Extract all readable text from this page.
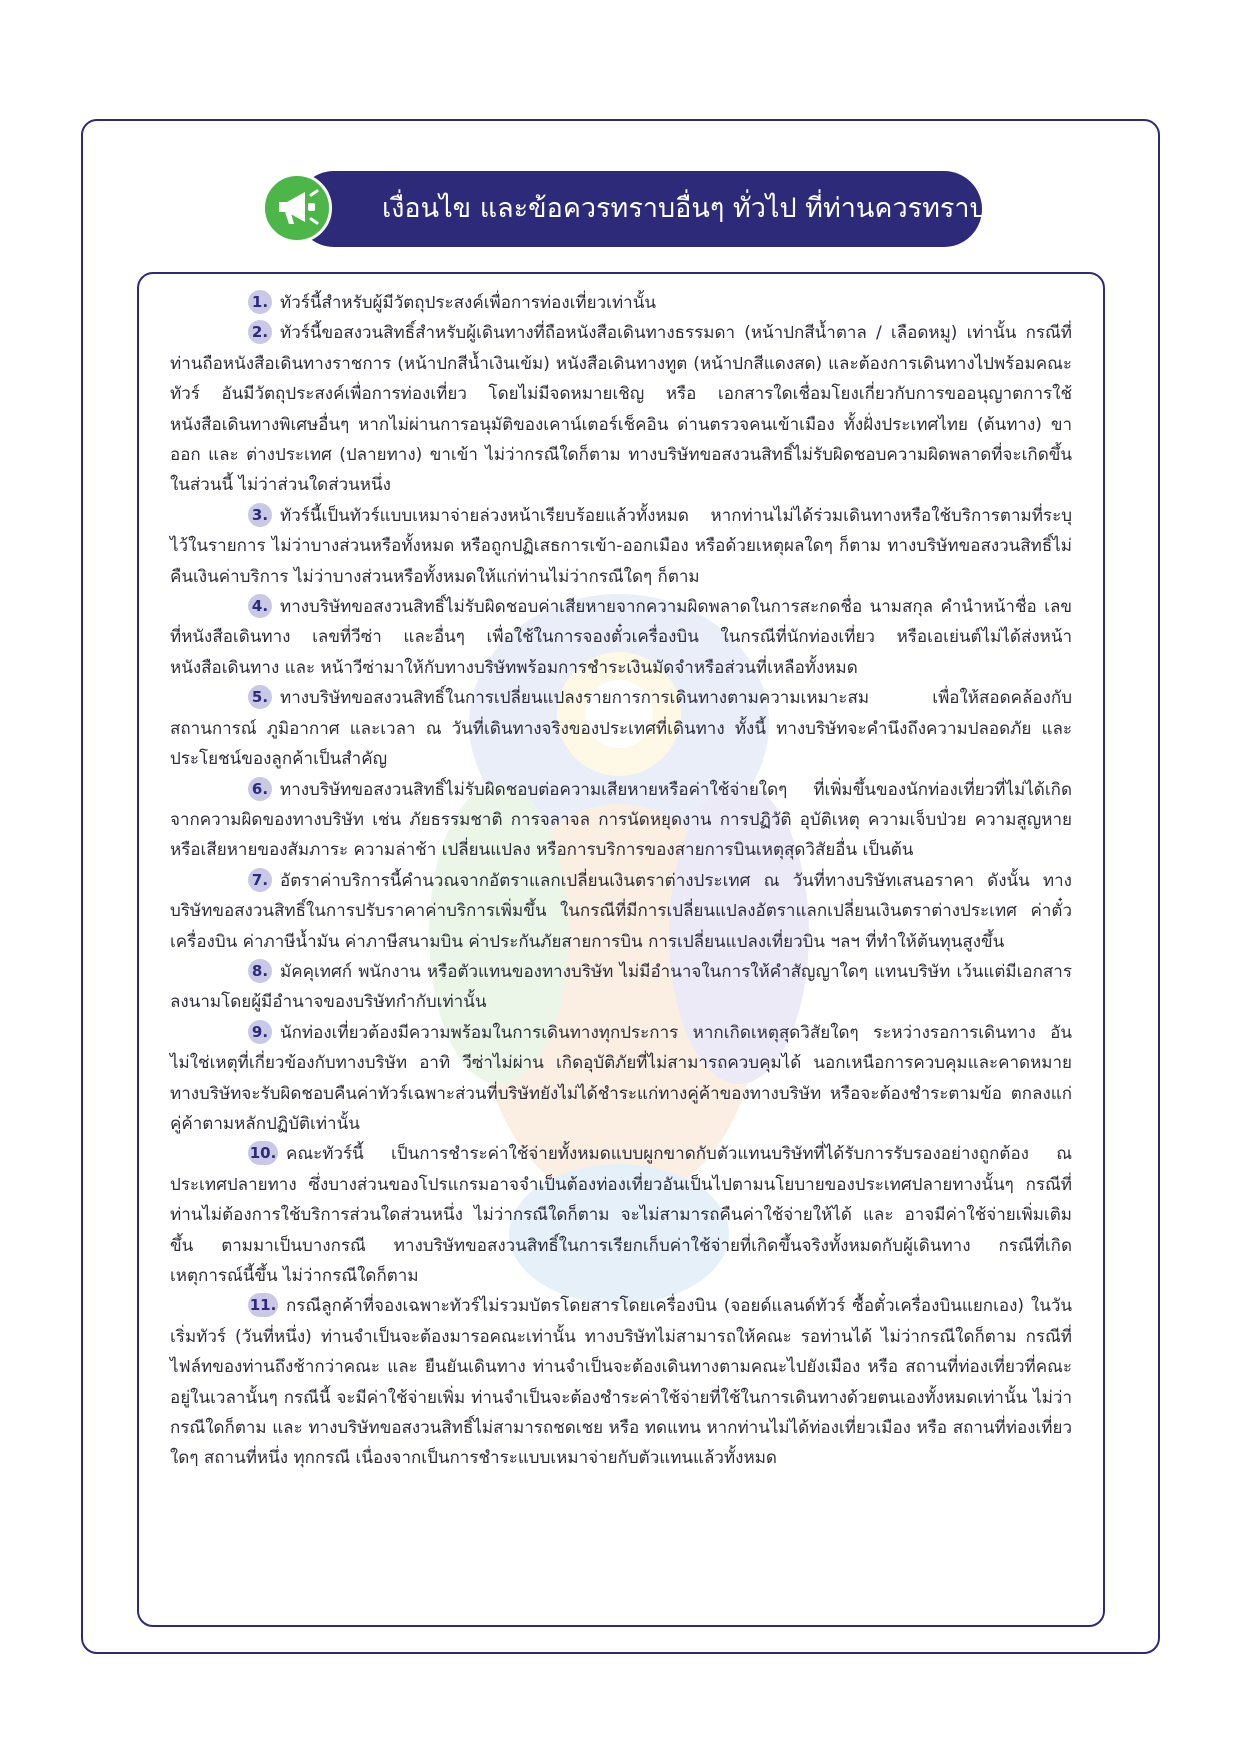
เงื่อนไข และข้อควรทราบอื่นๆ ทั่วไป ที่ท่านควรทราบ

1. ทัวร์นี้สำหรับผู้มีวัตถุประสงค์เพื่อการท่องเที่ยวเท่านั้น

2. ทัวร์นี้ขอสงวนสิทธิ์สำหรับผู้เดินทางที่ถือหนังสือเดินทางธรรมดา (หน้าปกสีน้ำตาล / เลือดหมู) เท่านั้น กรณีที่ท่านถือหนังสือเดินทางราชการ (หน้าปกสีน้ำเงินเข้ม) หนังสือเดินทางทูต (หน้าปกสีแดงสด) และต้องการเดินทางไปพร้อมคณะทัวร์ อันมีวัตถุประสงค์เพื่อการท่องเที่ยว โดยไม่มีจดหมายเชิญ หรือ เอกสารใดเชื่อมโยงเกี่ยวกับการขออนุญาตการใช้หนังสือเดินทางพิเศษอื่นๆ หากไม่ผ่านการอนุมัติของเคาน์เตอร์เช็คอิน ด่านตรวจคนเข้าเมือง ทั้งฝั่งประเทศไทย (ต้นทาง) ขาออก และ ต่างประเทศ (ปลายทาง) ขาเข้า ไม่ว่ากรณีใดก็ตาม ทางบริษัทขอสงวนสิทธิ์ไม่รับผิดชอบความผิดพลาดที่จะเกิดขึ้นในส่วนนี้ ไม่ว่าส่วนใดส่วนหนึ่ง

3. ทัวร์นี้เป็นทัวร์แบบเหมาจ่ายล่วงหน้าเรียบร้อยแล้วทั้งหมด หากท่านไม่ได้ร่วมเดินทางหรือใช้บริการตามที่ระบุไว้ในรายการ ไม่ว่าบางส่วนหรือทั้งหมด หรือถูกปฏิเสธการเข้า-ออกเมือง หรือด้วยเหตุผลใดๆ ก็ตาม ทางบริษัทขอสงวนสิทธิ์ไม่คืนเงินค่าบริการ ไม่ว่าบางส่วนหรือทั้งหมดให้แก่ท่านไม่ว่ากรณีใดๆ ก็ตาม

4. ทางบริษัทขอสงวนสิทธิ์ไม่รับผิดชอบค่าเสียหายจากความผิดพลาดในการสะกดชื่อ นามสกุล คำนำหน้าชื่อ เลขที่หนังสือเดินทาง เลขที่วีซ่า และอื่นๆ เพื่อใช้ในการจองตั๋วเครื่องบิน ในกรณีที่นักท่องเที่ยว หรือเอเย่นต์ไม่ได้ส่งหน้าหนังสือเดินทาง และ หน้าวีซ่ามาให้กับทางบริษัทพร้อมการชำระเงินมัดจำหรือส่วนที่เหลือทั้งหมด

5. ทางบริษัทขอสงวนสิทธิ์ในการเปลี่ยนแปลงรายการการเดินทางตามความเหมาะสม เพื่อให้สอดคล้องกับ สถานการณ์ ภูมิอากาศ และเวลา ณ วันที่เดินทางจริงของประเทศที่เดินทาง ทั้งนี้ ทางบริษัทจะคำนึงถึงความปลอดภัย และ ประโยชน์ของลูกค้าเป็นสำคัญ

6. ทางบริษัทขอสงวนสิทธิ์ไม่รับผิดชอบต่อความเสียหายหรือค่าใช้จ่ายใดๆ ที่เพิ่มขึ้นของนักท่องเที่ยวที่ไม่ได้เกิดจากความผิดของทางบริษัท เช่น ภัยธรรมชาติ การจลาจล การนัดหยุดงาน การปฏิวัติ อุบัติเหตุ ความเจ็บป่วย ความสูญหายหรือเสียหายของสัมภาระ ความล่าช้า เปลี่ยนแปลง หรือการบริการของสายการบินเหตุสุดวิสัยอื่น เป็นต้น

7. อัตราค่าบริการนี้คำนวณจากอัตราแลกเปลี่ยนเงินตราต่างประเทศ ณ วันที่ทางบริษัทเสนอราคา ดังนั้น ทางบริษัทขอสงวนสิทธิ์ในการปรับราคาค่าบริการเพิ่มขึ้น ในกรณีที่มีการเปลี่ยนแปลงอัตราแลกเปลี่ยนเงินตราต่างประเทศ ค่าตั๋ว เครื่องบิน ค่าภาษีน้ำมัน ค่าภาษีสนามบิน ค่าประกันภัยสายการบิน การเปลี่ยนแปลงเที่ยวบิน ฯลฯ ที่ทำให้ต้นทุนสูงขึ้น

8. มัคคุเทศก์ พนักงาน หรือตัวแทนของทางบริษัท ไม่มีอำนาจในการให้คำสัญญาใดๆ แทนบริษัท เว้นแต่มีเอกสารลงนามโดยผู้มีอำนาจของบริษัทกำกับเท่านั้น

9. นักท่องเที่ยวต้องมีความพร้อมในการเดินทางทุกประการ หากเกิดเหตุสุดวิสัยใดๆ ระหว่างรอการเดินทาง อันไม่ใช่เหตุที่เกี่ยวข้องกับทางบริษัท อาทิ วีซ่าไม่ผ่าน เกิดอุบัติภัยที่ไม่สามารถควบคุมได้ นอกเหนือการควบคุมและคาดหมาย ทางบริษัทจะรับผิดชอบคืนค่าทัวร์เฉพาะส่วนที่บริษัทยังไม่ได้ชำระแก่ทางคู่ค้าของทางบริษัท หรือจะต้องชำระตามข้อ ตกลงแก่คู่ค้าตามหลักปฏิบัติเท่านั้น

10. คณะทัวร์นี้ เป็นการชำระค่าใช้จ่ายทั้งหมดแบบผูกขาดกับตัวแทนบริษัทที่ได้รับการรับรองอย่างถูกต้อง ณ ประเทศปลายทาง ซึ่งบางส่วนของโปรแกรมอาจจำเป็นต้องท่องเที่ยวอันเป็นไปตามนโยบายของประเทศปลายทางนั้นๆ กรณีที่ท่านไม่ต้องการใช้บริการส่วนใดส่วนหนึ่ง ไม่ว่ากรณีใดก็ตาม จะไม่สามารถคืนค่าใช้จ่ายให้ได้ และ อาจมีค่าใช้จ่ายเพิ่มเติมขึ้น ตามมาเป็นบางกรณี ทางบริษัทขอสงวนสิทธิ์ในการเรียกเก็บค่าใช้จ่ายที่เกิดขึ้นจริงทั้งหมดกับผู้เดินทาง กรณีที่เกิดเหตุการณ์นี้ขึ้น ไม่ว่ากรณีใดก็ตาม

11. กรณีลูกค้าที่จองเฉพาะทัวร์ไม่รวมบัตรโดยสารโดยเครื่องบิน (จอยด์แลนด์ทัวร์ ซื้อตั๋วเครื่องบินแยกเอง) ในวันเริ่มทัวร์ (วันที่หนึ่ง) ท่านจำเป็นจะต้องมารอคณะเท่านั้น ทางบริษัทไม่สามารถให้คณะ รอท่านได้ ไม่ว่ากรณีใดก็ตาม กรณีที่ไฟล์ทของท่านถึงช้ากว่าคณะ และ ยืนยันเดินทาง ท่านจำเป็นจะต้องเดินทางตามคณะไปยังเมือง หรือ สถานที่ท่องเที่ยวที่คณะอยู่ในเวลานั้นๆ กรณีนี้ จะมีค่าใช้จ่ายเพิ่ม ท่านจำเป็นจะต้องชำระค่าใช้จ่ายที่ใช้ในการเดินทางด้วยตนเองทั้งหมดเท่านั้น ไม่ว่า กรณีใดก็ตาม และ ทางบริษัทขอสงวนสิทธิ์ไม่สามารถชดเชย หรือ ทดแทน หากท่านไม่ได้ท่องเที่ยวเมือง หรือ สถานที่ท่องเที่ยวใดๆ สถานที่หนึ่ง ทุกกรณี เนื่องจากเป็นการชำระแบบเหมาจ่ายกับตัวแทนแล้วทั้งหมด
